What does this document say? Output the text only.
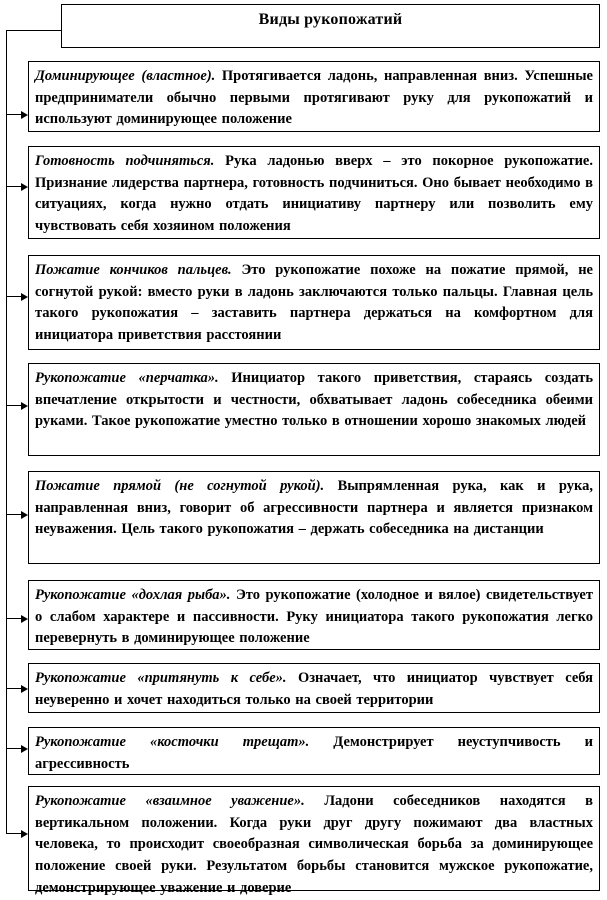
Виды рукопожатий
Доминирующее (властное). Протягивается ладонь, направленная вниз. Успешные предприниматели обычно первыми протягивают руку для рукопожатий и используют доминирующее положение
Готовность подчиняться. Рука ладонью вверх – это покорное рукопожатие. Признание лидерства партнера, готовность подчиниться. Оно бывает необходимо в ситуациях, когда нужно отдать инициативу партнеру или позволить ему чувствовать себя хозяином положения
Пожатие кончиков пальцев. Это рукопожатие похоже на пожатие прямой, не согнутой рукой: вместо руки в ладонь заключаются только пальцы. Главная цель такого рукопожатия – заставить партнера держаться на комфортном для инициатора приветствия расстоянии
Рукопожатие «перчатка». Инициатор такого приветствия, стараясь создать впечатление открытости и честности, обхватывает ладонь собеседника обеими руками. Такое рукопожатие уместно только в отношении хорошо знакомых людей
Пожатие прямой (не согнутой рукой). Выпрямленная рука, как и рука, направленная вниз, говорит об агрессивности партнера и является признаком неуважения. Цель такого рукопожатия – держать собеседника на дистанции
Рукопожатие «дохлая рыба». Это рукопожатие (холодное и вялое) свидетельствует о слабом характере и пассивности. Руку инициатора такого рукопожатия легко перевернуть в доминирующее положение
Рукопожатие «притянуть к себе». Означает, что инициатор чувствует себя неуверенно и хочет находиться только на своей территории
Рукопожатие «косточки трещат». Демонстрирует неуступчивость и агрессивность
Рукопожатие «взаимное уважение». Ладони собеседников находятся в вертикальном положении. Когда руки друг другу пожимают два властных человека, то происходит своеобразная символическая борьба за доминирующее положение своей руки. Результатом борьбы становится мужское рукопожатие, демонстрирующее уважение и доверие
